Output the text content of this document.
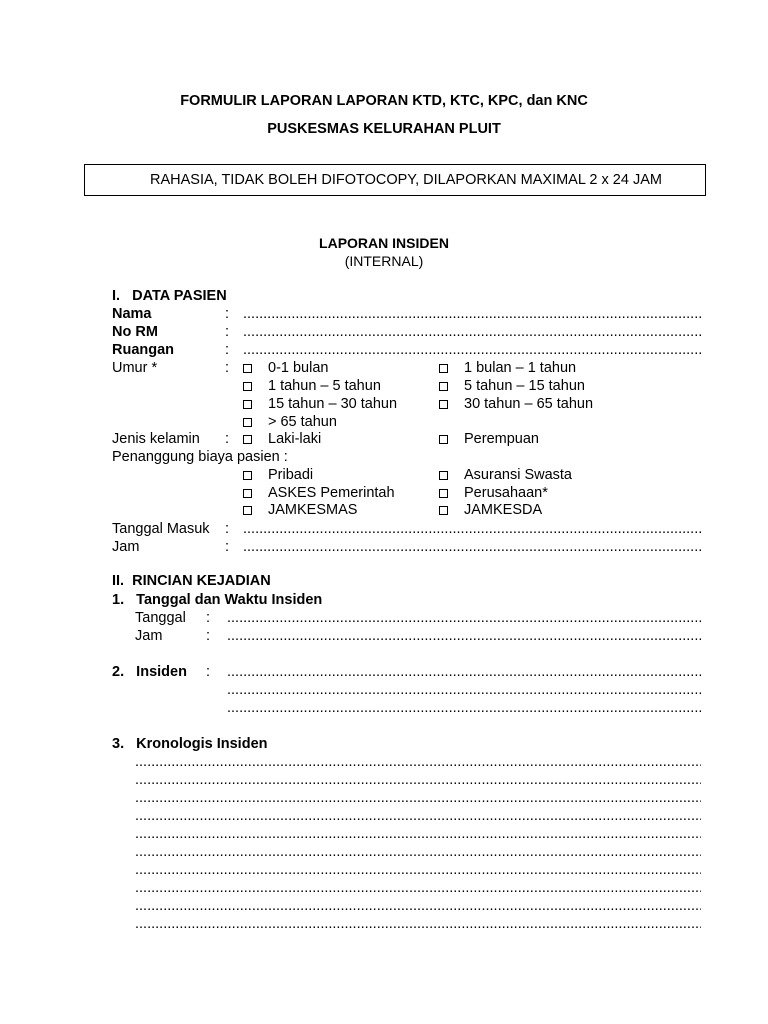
FORMULIR LAPORAN LAPORAN KTD, KTC, KPC, dan KNC
PUSKESMAS KELURAHAN PLUIT
RAHASIA, TIDAK BOLEH DIFOTOCOPY, DILAPORKAN MAXIMAL 2 x 24 JAM
LAPORAN INSIDEN
(INTERNAL)
I.   DATA PASIEN
Nama	:
.....
No RM	:
.....
Ruangan	:
.....
Umur *	:	0-1 bulan	1 bulan – 1 tahun
1 tahun – 5 tahun	5 tahun – 15 tahun
15 tahun – 30 tahun	30 tahun – 65 tahun
> 65 tahun
Jenis kelamin :	Laki-laki	Perempuan
Penanggung biaya pasien :
Pribadi	Asuransi Swasta
ASKES Pemerintah	Perusahaan*
JAMKESMAS	JAMKESDA
Tanggal Masuk :
.....
Jam	:
.....
II.  RINCIAN KEJADIAN
1.   Tanggal dan Waktu Insiden
Tanggal :
.....
Jam	:
.....
2.   Insiden :
.....
.....
.....
3.   Kronologis Insiden
.....
.....
.....
.....
.....
.....
.....
.....
.....
.....
